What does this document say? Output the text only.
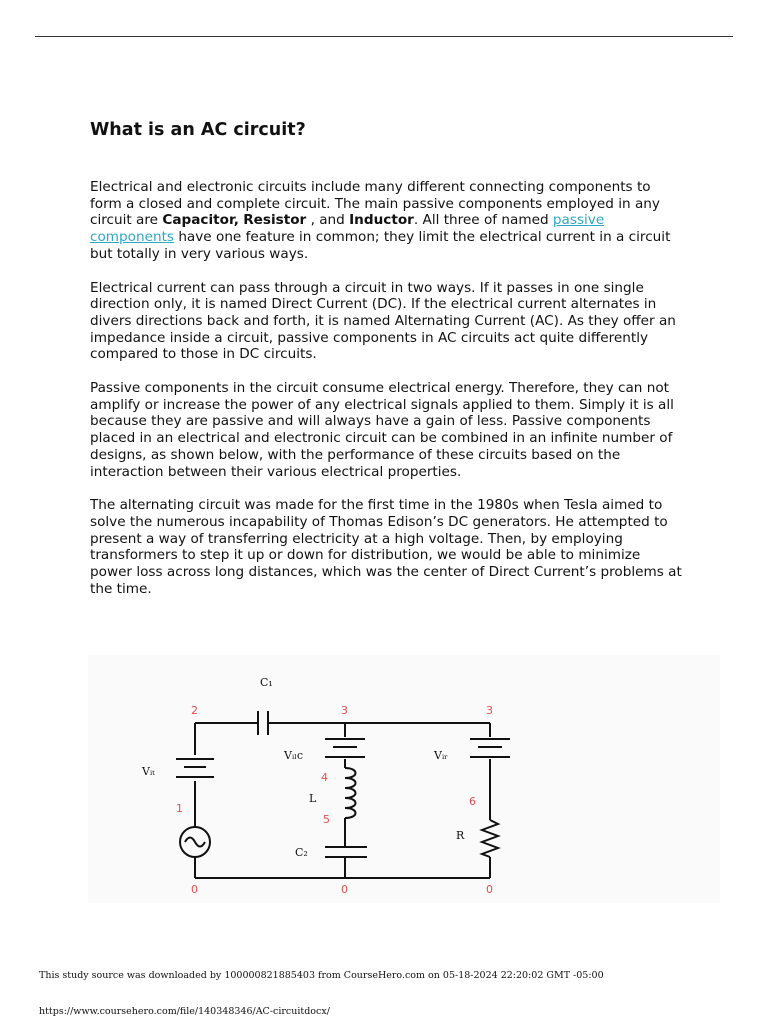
What is an AC circuit?

Electrical and electronic circuits include many different connecting components to form a closed and complete circuit. The main passive components employed in any circuit are Capacitor, Resistor , and Inductor. All three of named passive components have one feature in common; they limit the electrical current in a circuit but totally in very various ways.

Electrical current can pass through a circuit in two ways. If it passes in one single direction only, it is named Direct Current (DC). If the electrical current alternates in divers directions back and forth, it is named Alternating Current (AC). As they offer an impedance inside a circuit, passive components in AC circuits act quite differently compared to those in DC circuits.

Passive components in the circuit consume electrical energy. Therefore, they can not amplify or increase the power of any electrical signals applied to them. Simply it is all because they are passive and will always have a gain of less. Passive components placed in an electrical and electronic circuit can be combined in an infinite number of designs, as shown below, with the performance of these circuits based on the interaction between their various electrical properties.

The alternating circuit was made for the first time in the 1980s when Tesla aimed to solve the numerous incapability of Thomas Edison’s DC generators. He attempted to present a way of transferring electricity at a high voltage. Then, by employing transformers to step it up or down for distribution, we would be able to minimize power loss across long distances, which was the center of Direct Current’s problems at the time.

C₁
Vᵢₜ
Vᵢₗc	Vᵢᵣ
L
C₂
R
2	3	3
1
4
5
6
0	0	0
This study source was downloaded by 100000821885403 from CourseHero.com on 05-18-2024 22:20:02 GMT -05:00
https://www.coursehero.com/file/140348346/AC-circuitdocx/
